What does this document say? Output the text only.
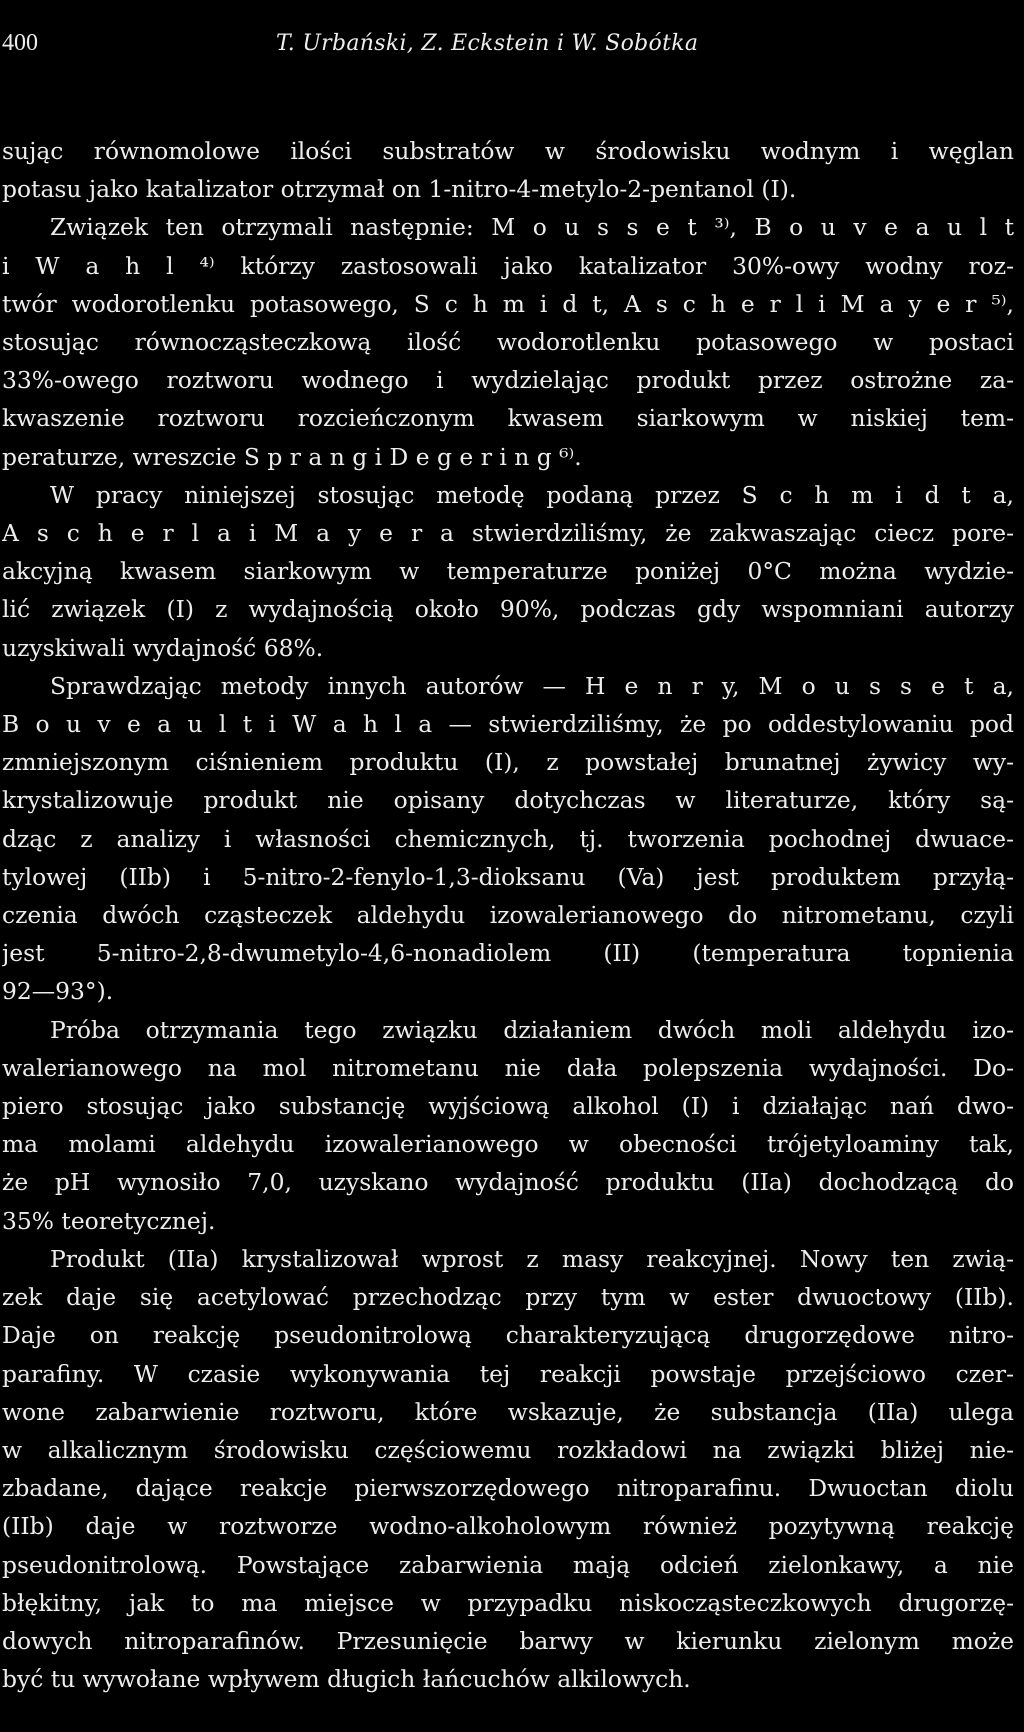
400	T. Urbański, Z. Eckstein i W. Sobótka
sując równomolowe ilości substratów w środowisku wodnym i węglan
potasu jako katalizator otrzymał on 1-nitro-4-metylo-2-pentanol (I).
Związek ten otrzymali następnie: M o u s s e t ³⁾, B o u v e a u l t
i W a h l ⁴⁾ którzy zastosowali jako katalizator 30%-owy wodny roz-
twór wodorotlenku potasowego, S c h m i d t, A s c h e r l i M a y e r ⁵⁾,
stosując równocząsteczkową ilość wodorotlenku potasowego w postaci
33%-owego roztworu wodnego i wydzielając produkt przez ostrożne za-
kwaszenie roztworu rozcieńczonym kwasem siarkowym w niskiej tem-
peraturze, wreszcie S p r a n g i D e g e r i n g ⁶⁾.
W pracy niniejszej stosując metodę podaną przez S c h m i d t a,
A s c h e r l a i M a y e r a stwierdziliśmy, że zakwaszając ciecz pore-
akcyjną kwasem siarkowym w temperaturze poniżej 0°C można wydzie-
lić związek (I) z wydajnością około 90%, podczas gdy wspomniani autorzy
uzyskiwali wydajność 68%.
Sprawdzając metody innych autorów — H e n r y, M o u s s e t a,
B o u v e a u l t i W a h l a — stwierdziliśmy, że po oddestylowaniu pod
zmniejszonym ciśnieniem produktu (I), z powstałej brunatnej żywicy wy-
krystalizowuje produkt nie opisany dotychczas w literaturze, który są-
dząc z analizy i własności chemicznych, tj. tworzenia pochodnej dwuace-
tylowej (IIb) i 5-nitro-2-fenylo-1,3-dioksanu (Va) jest produktem przyłą-
czenia dwóch cząsteczek aldehydu izowalerianowego do nitrometanu, czyli
jest 5-nitro-2,8-dwumetylo-4,6-nonadiolem (II) (temperatura topnienia
92—93°).
Próba otrzymania tego związku działaniem dwóch moli aldehydu izo-
walerianowego na mol nitrometanu nie dała polepszenia wydajności. Do-
piero stosując jako substancję wyjściową alkohol (I) i działając nań dwo-
ma molami aldehydu izowalerianowego w obecności trójetyloaminy tak,
że pH wynosiło 7,0, uzyskano wydajność produktu (IIa) dochodzącą do
35% teoretycznej.
Produkt (IIa) krystalizował wprost z masy reakcyjnej. Nowy ten zwią-
zek daje się acetylować przechodząc przy tym w ester dwuoctowy (IIb).
Daje on reakcję pseudonitrolową charakteryzującą drugorzędowe nitro-
parafiny. W czasie wykonywania tej reakcji powstaje przejściowo czer-
wone zabarwienie roztworu, które wskazuje, że substancja (IIa) ulega
w alkalicznym środowisku częściowemu rozkładowi na związki bliżej nie-
zbadane, dające reakcje pierwszorzędowego nitroparafinu. Dwuoctan diolu
(IIb) daje w roztworze wodno-alkoholowym również pozytywną reakcję
pseudonitrolową. Powstające zabarwienia mają odcień zielonkawy, a nie
błękitny, jak to ma miejsce w przypadku niskocząsteczkowych drugorzę-
dowych nitroparafinów. Przesunięcie barwy w kierunku zielonym może
być tu wywołane wpływem długich łańcuchów alkilowych.
